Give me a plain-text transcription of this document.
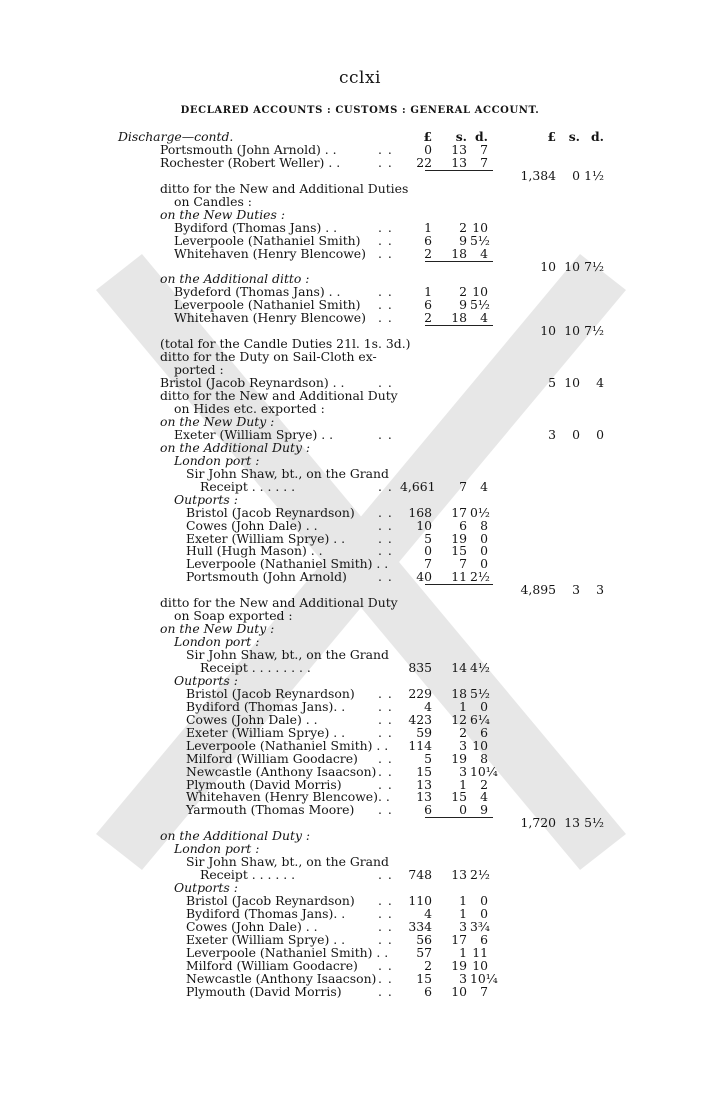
cclxi
DECLARED ACCOUNTS : CUSTOMS : GENERAL ACCOUNT.
Discharge—contd.	£	s. d.	£	s. d.
Portsmouth (John Arnold) . .	. .	0	13	7
Rochester (Robert Weller) . .	. .	22	13	7
1,384	0 1½
ditto for the New and Additional Duties
on Candles :
on the New Duties :
Bydiford (Thomas Jans) . .	. .	1	2 10
Leverpoole (Nathaniel Smith) . .	6	9 5½
Whitehaven (Henry Blencowe) . .	2	18	4
10 10 7½
on the Additional ditto :
Bydeford (Thomas Jans) . .	. .	1	2 10
Leverpoole (Nathaniel Smith) . .	6	9 5½
Whitehaven (Henry Blencowe) . .	2	18	4
10 10 7½
(total for the Candle Duties 21l. 1s. 3d.)
ditto for the Duty on Sail-Cloth ex-
ported :
Bristol (Jacob Reynardson) . .	. .	5 10	4
ditto for the New and Additional Duty
on Hides etc. exported :
on the New Duty :
Exeter (William Sprye) . .	. .	3	0	0
on the Additional Duty :
London port :
Sir John Shaw, bt., on the Grand
Receipt . . . . . .	. . 4,661	7	4
Outports :
Bristol (Jacob Reynardson) . .	168	17 0½
Cowes (John Dale) . .	. .	10	6	8
Exeter (William Sprye) . .	. .	5	19	0
Hull (Hugh Mason) . .	. .	0	15	0
Leverpoole (Nathaniel Smith) . .	7	7	0
Portsmouth (John Arnold)	. .	40	11 2½
4,895	3	3
ditto for the New and Additional Duty
on Soap exported :
on the New Duty :
London port :
Sir John Shaw, bt., on the Grand
Receipt . . . . . . . .	835	14 4½
Outports :
Bristol (Jacob Reynardson) . .	229	18 5½
Bydiford (Thomas Jans). .	. .	4	1	0
Cowes (John Dale) . .	. .	423	12 6¼
Exeter (William Sprye) . .	. .	59	2	6
Leverpoole (Nathaniel Smith) . .	114	3 10
Milford (William Goodacre) . .	5	19	8
Newcastle (Anthony Isaacson) . .	15	3 10¼
Plymouth (David Morris)	. .	13	1	2
Whitehaven (Henry Blencowe). .	13	15	4
Yarmouth (Thomas Moore) . .	6	0	9
1,720 13 5½
on the Additional Duty :
London port :
Sir John Shaw, bt., on the Grand
Receipt . . . . . .	. .	748	13 2½
Outports :
Bristol (Jacob Reynardson) . .	110	1	0
Bydiford (Thomas Jans). .	. .	4	1	0
Cowes (John Dale) . .	. .	334	3 3¾
Exeter (William Sprye) . .	. .	56	17	6
Leverpoole (Nathaniel Smith) . .	57	1 11
Milford (William Goodacre) . .	2	19 10
Newcastle (Anthony Isaacson) . .	15	3 10¼
Plymouth (David Morris)	. .	6	10	7
